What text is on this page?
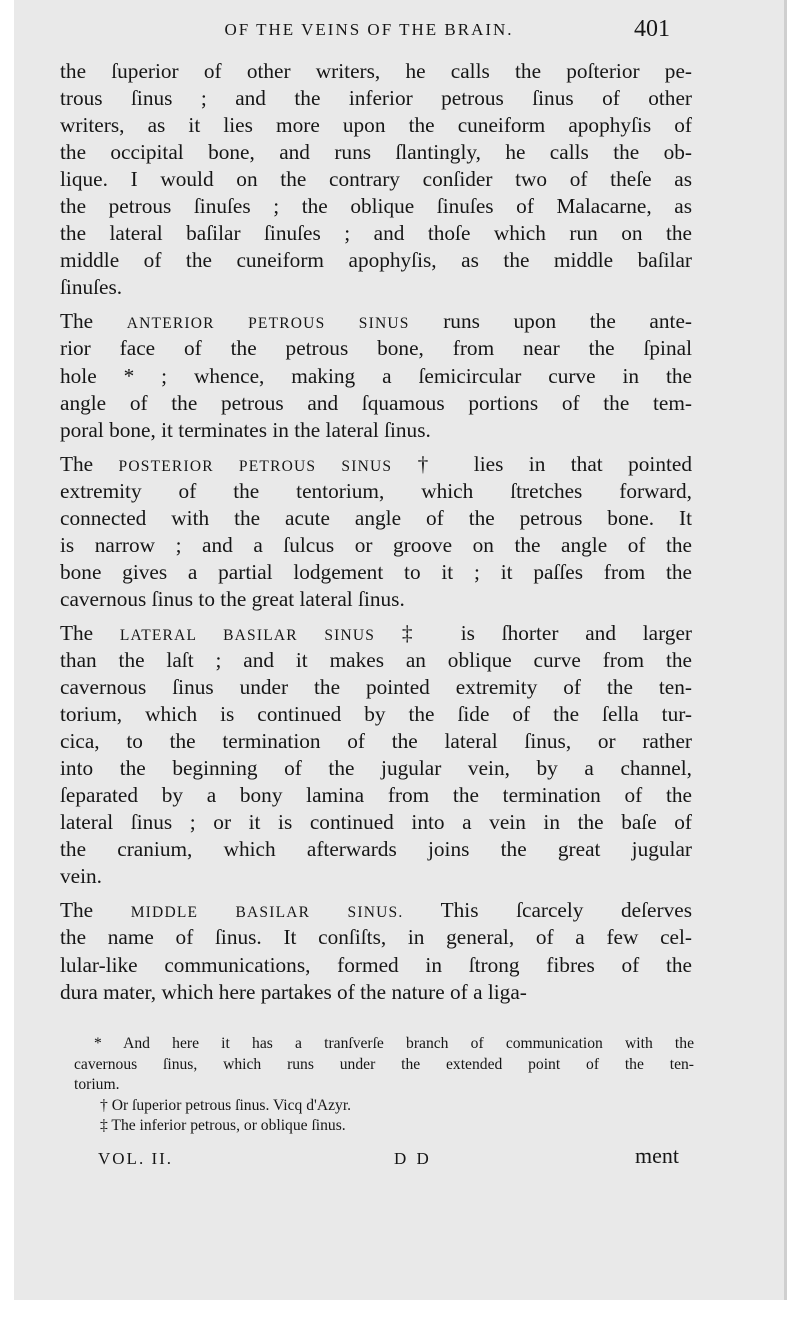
OF THE VEINS OF THE BRAIN.	401
the ſuperior of other writers, he calls the poſterior pe-
trous ſinus ; and the inferior petrous ſinus of other
writers, as it lies more upon the cuneiform apophyſis of
the occipital bone, and runs ſlantingly, he calls the ob-
lique. I would on the contrary conſider two of theſe as
the petrous ſinuſes ; the oblique ſinuſes of Malacarne, as
the lateral baſilar ſinuſes ; and thoſe which run on the
middle of the cuneiform apophyſis, as the middle baſilar
ſinuſes.
The ANTERIOR PETROUS SINUS runs upon the ante-
rior face of the petrous bone, from near the ſpinal
hole * ; whence, making a ſemicircular curve in the
angle of the petrous and ſquamous portions of the tem-
poral bone, it terminates in the lateral ſinus.
The POSTERIOR PETROUS SINUS † lies in that pointed
extremity of the tentorium, which ſtretches forward,
connected with the acute angle of the petrous bone. It
is narrow ; and a ſulcus or groove on the angle of the
bone gives a partial lodgement to it ; it paſſes from the
cavernous ſinus to the great lateral ſinus.
The LATERAL BASILAR SINUS ‡ is ſhorter and larger
than the laſt ; and it makes an oblique curve from the
cavernous ſinus under the pointed extremity of the ten-
torium, which is continued by the ſide of the ſella tur-
cica, to the termination of the lateral ſinus, or rather
into the beginning of the jugular vein, by a channel,
ſeparated by a bony lamina from the termination of the
lateral ſinus ; or it is continued into a vein in the baſe of
the cranium, which afterwards joins the great jugular
vein.
The MIDDLE BASILAR SINUS. This ſcarcely deſerves
the name of ſinus. It conſiſts, in general, of a few cel-
lular-like communications, formed in ſtrong fibres of the
dura mater, which here partakes of the nature of a liga-
* And here it has a tranſverſe branch of communication with the
cavernous ſinus, which runs under the extended point of the ten-
torium.
† Or ſuperior petrous ſinus. Vicq d'Azyr.
‡ The inferior petrous, or oblique ſinus.
VOL. II.	D D	ment
